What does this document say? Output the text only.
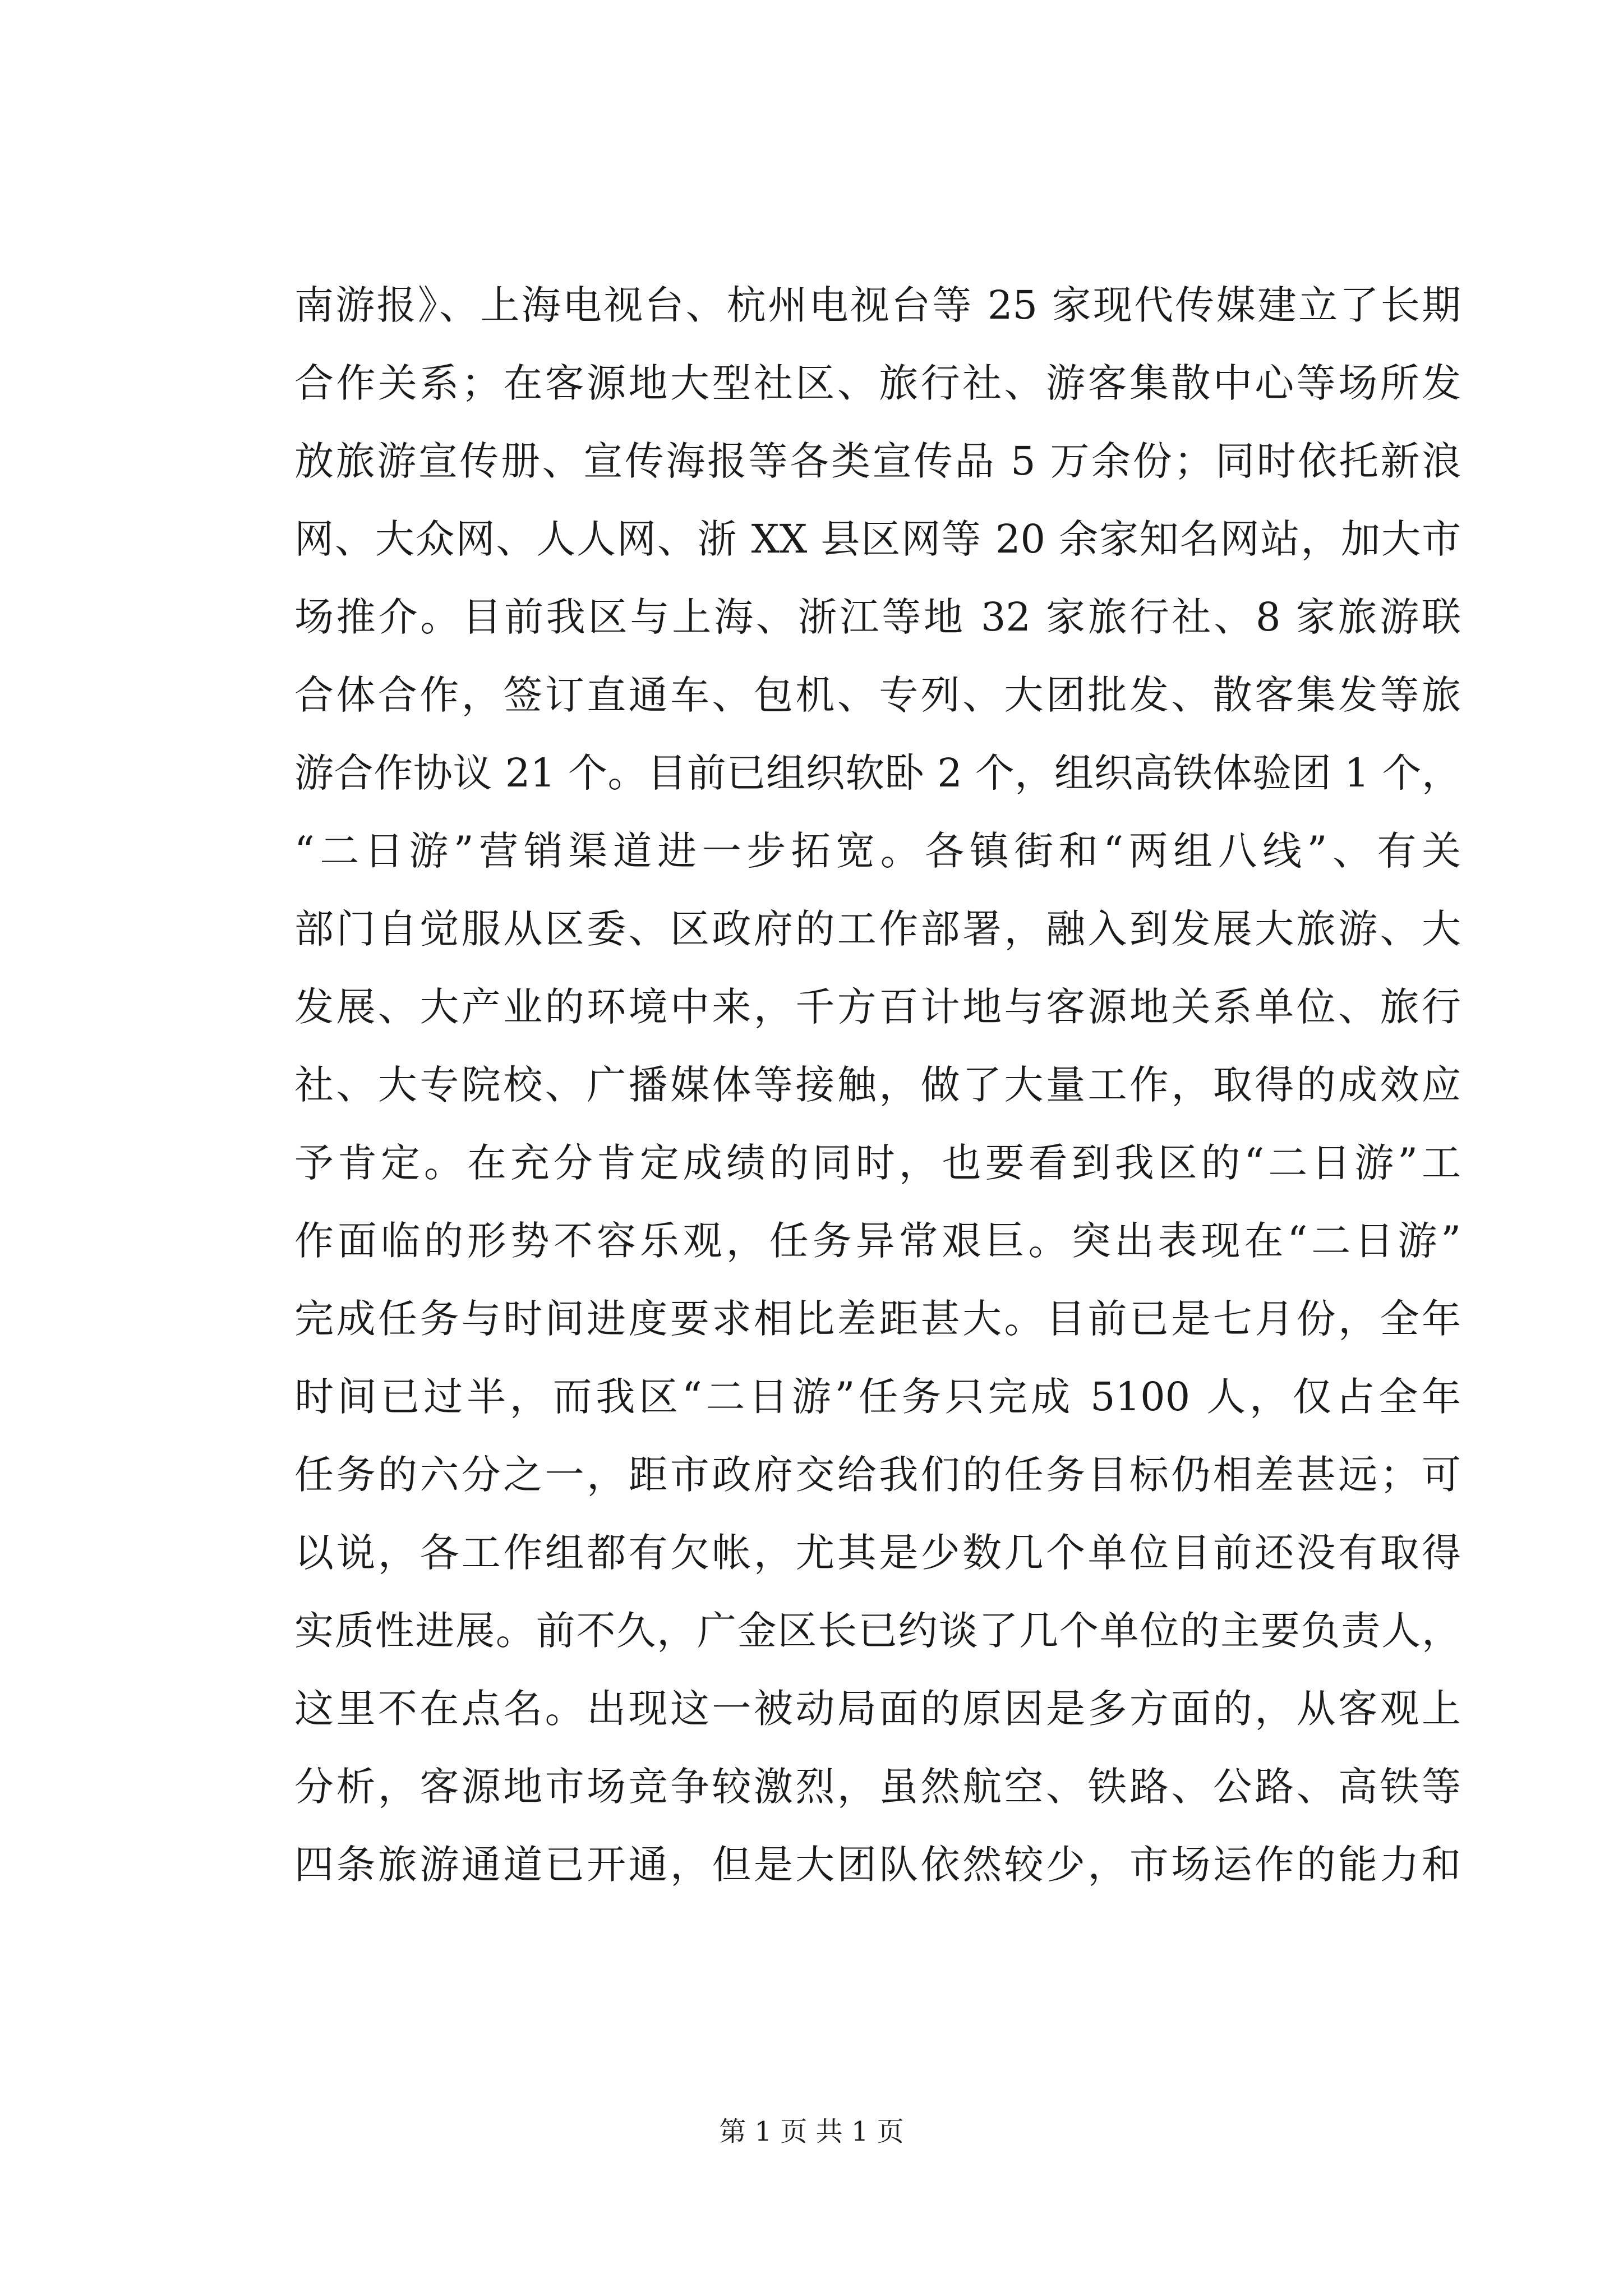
南游报》、上海电视台、杭州电视台等 25 家现代传媒建立了长期
合作关系；在客源地大型社区、旅行社、游客集散中心等场所发
放旅游宣传册、宣传海报等各类宣传品 5 万余份；同时依托新浪
网、大众网、人人网、浙 XX 县区网等 20 余家知名网站，加大市
场推介。目前我区与上海、浙江等地 32 家旅行社、8 家旅游联
合体合作，签订直通车、包机、专列、大团批发、散客集发等旅
游合作协议 21 个。目前已组织软卧 2 个，组织高铁体验团 1 个，
“二日游”营销渠道进一步拓宽。各镇街和“两组八线”、有关
部门自觉服从区委、区政府的工作部署，融入到发展大旅游、大
发展、大产业的环境中来，千方百计地与客源地关系单位、旅行
社、大专院校、广播媒体等接触，做了大量工作，取得的成效应
予肯定。在充分肯定成绩的同时，也要看到我区的“二日游”工
作面临的形势不容乐观，任务异常艰巨。突出表现在“二日游”
完成任务与时间进度要求相比差距甚大。目前已是七月份，全年
时间已过半，而我区“二日游”任务只完成 5100 人，仅占全年
任务的六分之一，距市政府交给我们的任务目标仍相差甚远；可
以说，各工作组都有欠帐，尤其是少数几个单位目前还没有取得
实质性进展。前不久，广金区长已约谈了几个单位的主要负责人，
这里不在点名。出现这一被动局面的原因是多方面的，从客观上
分析，客源地市场竞争较激烈，虽然航空、铁路、公路、高铁等
四条旅游通道已开通，但是大团队依然较少，市场运作的能力和
第 1 页 共 1 页
